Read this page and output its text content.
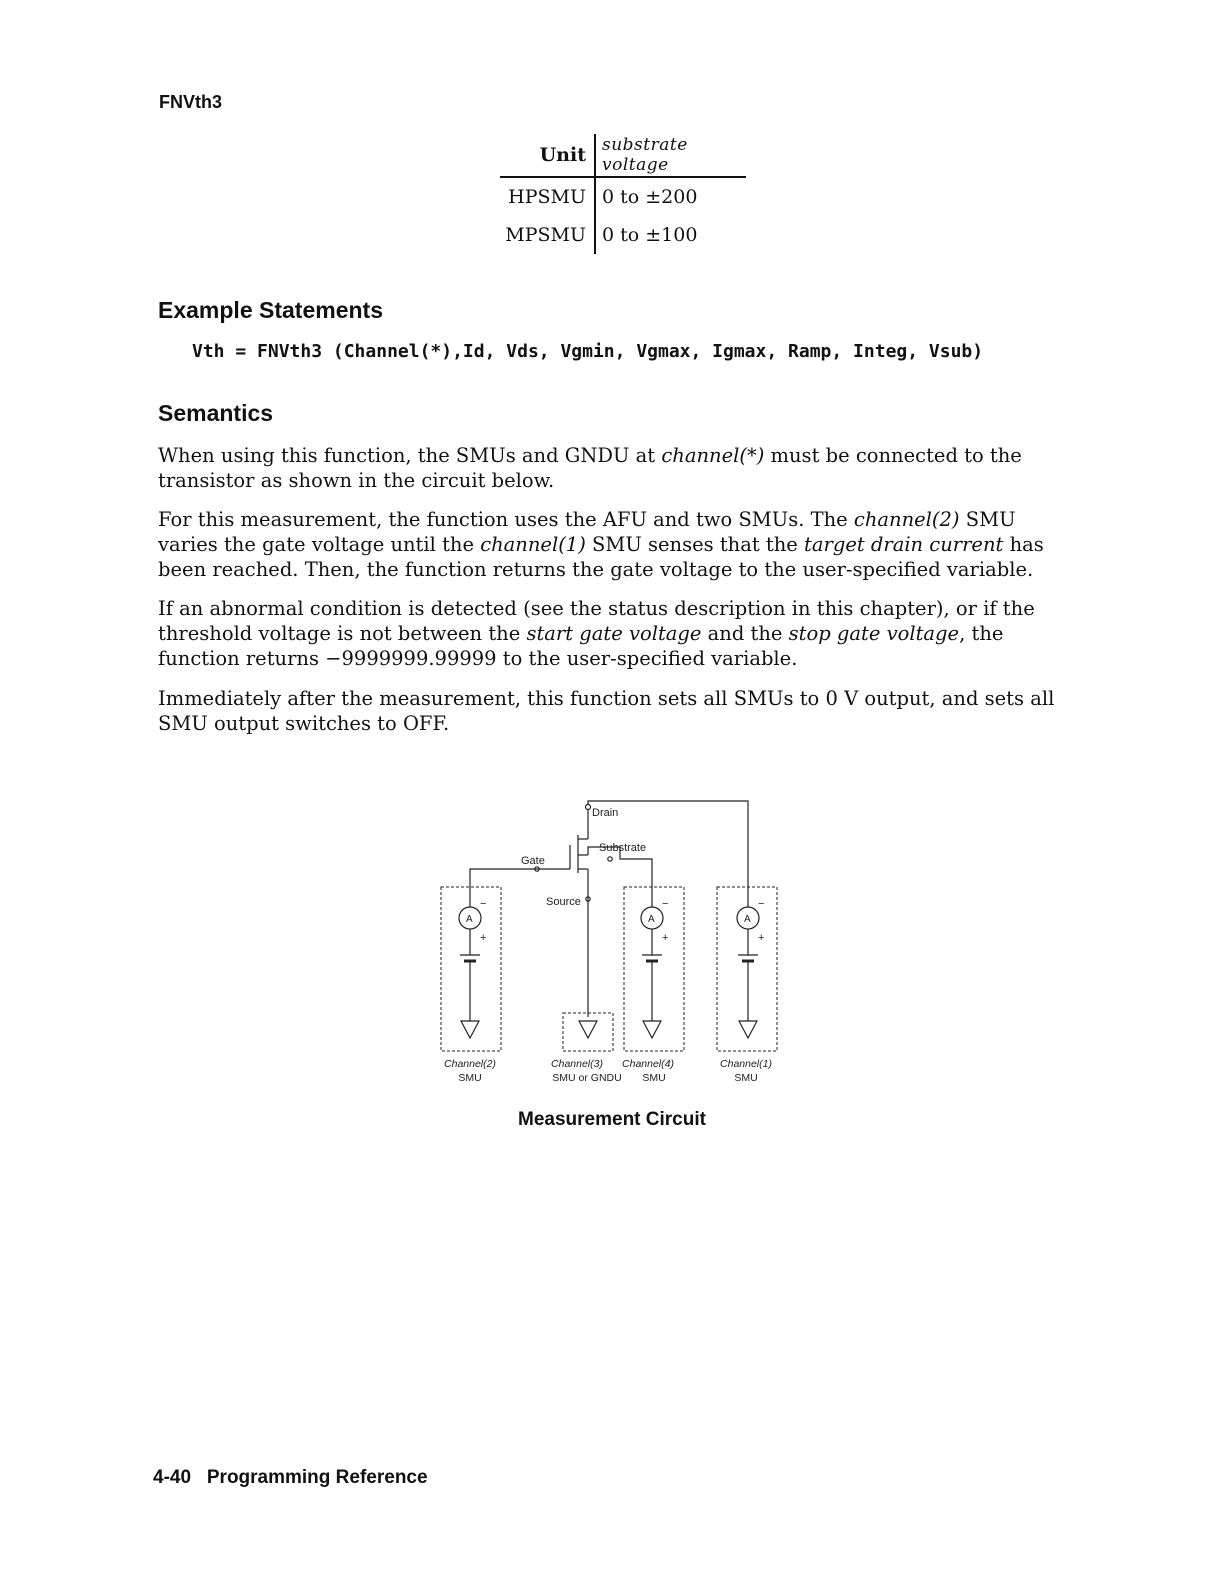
FNVth3
Unit	substrate voltage
HPSMU	0 to ±200
MPSMU	0 to ±100
Example Statements
Vth = FNVth3 (Channel(*),Id, Vds, Vgmin, Vgmax, Igmax, Ramp, Integ, Vsub)
Semantics

When using this function, the SMUs and GNDU at channel(*) must be connected to the transistor as shown in the circuit below.

For this measurement, the function uses the AFU and two SMUs. The channel(2) SMU varies the gate voltage until the channel(1) SMU senses that the target drain current has been reached. Then, the function returns the gate voltage to the user-specified variable.

If an abnormal condition is detected (see the status description in this chapter), or if the threshold voltage is not between the start gate voltage and the stop gate voltage, the function returns −9999999.99999 to the user-specified variable.

Immediately after the measurement, this function sets all SMUs to 0 V output, and sets all SMU output switches to OFF.

Drain
Gate
Substrate
Source
A	A	A
−
+
−
+
−
+
Channel(2)
SMU
Channel(3)
SMU or GNDU
Channel(4)
SMU
Channel(1)
SMU
Measurement Circuit
4-40 Programming Reference
